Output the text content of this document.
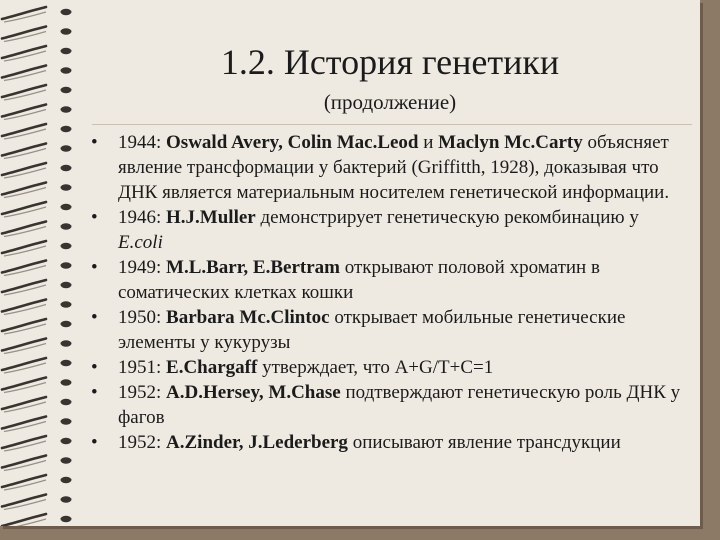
1.2. История генетики
(продолжение)
• 1944: Oswald Avery, Colin Mac.Leod и Maclyn Mc.Carty объясняет явление трансформации у бактерий (Griffitth, 1928), доказывая что ДНК является материальным носителем генетической информации.
• 1946: H.J.Muller демонстрирует генетическую рекомбинацию у E.coli
• 1949: M.L.Barr, E.Bertram открывают половой хроматин в соматических клетках кошки
• 1950: Barbara Mc.Clintoc открывает мобильные генетические элементы у кукурузы
• 1951: E.Chargaff утверждает, что A+G/T+C=1
• 1952: A.D.Hersey, M.Chase подтверждают генетическую роль ДНК у фагов
• 1952: A.Zinder, J.Lederberg описывают явление трансдукции
